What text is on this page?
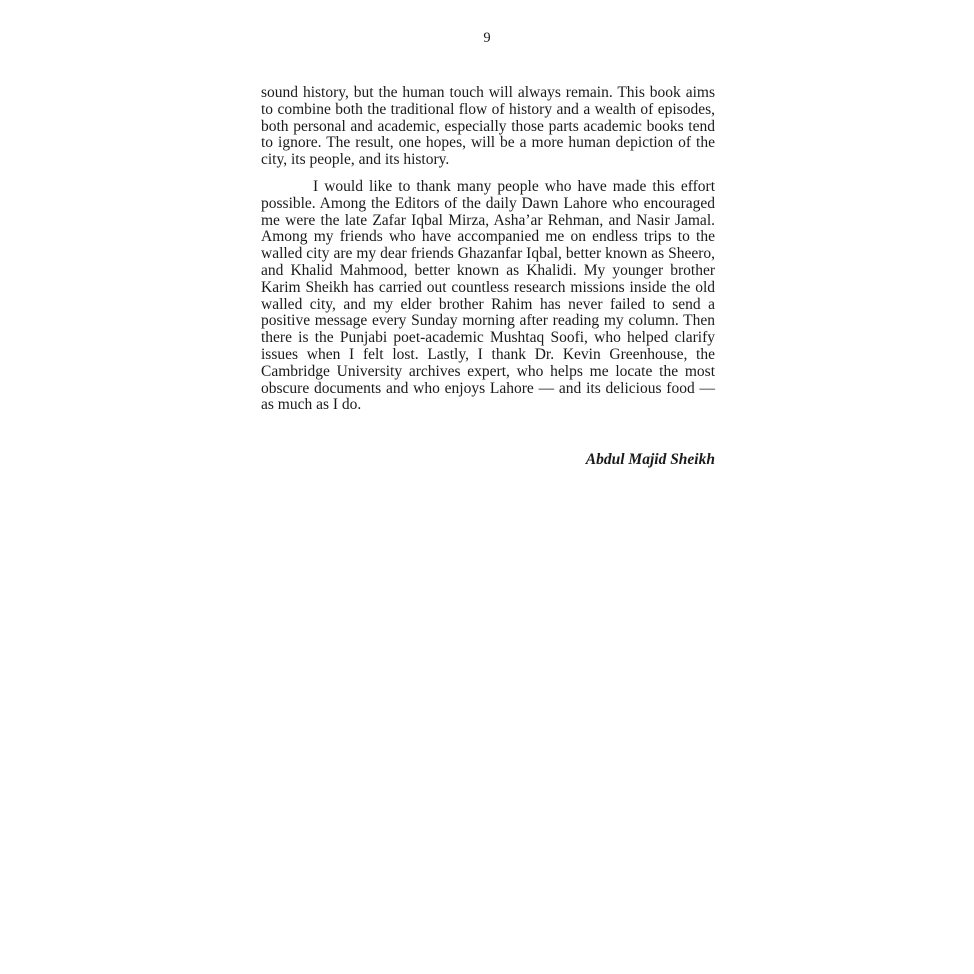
9

sound history, but the human touch will always remain. This book aims to combine both the traditional flow of history and a wealth of episodes, both personal and academic, especially those parts academic books tend to ignore. The result, one hopes, will be a more human depiction of the city, its people, and its history.

I would like to thank many people who have made this effort possible. Among the Editors of the daily Dawn Lahore who encouraged me were the late Zafar Iqbal Mirza, Asha’ar Rehman, and Nasir Jamal. Among my friends who have accompanied me on endless trips to the walled city are my dear friends Ghazanfar Iqbal, better known as Sheero, and Khalid Mahmood, better known as Khalidi. My younger brother Karim Sheikh has carried out countless research missions inside the old walled city, and my elder brother Rahim has never failed to send a positive message every Sunday morning after reading my column. Then there is the Punjabi poet-academic Mushtaq Soofi, who helped clarify issues when I felt lost. Lastly, I thank Dr. Kevin Greenhouse, the Cambridge University archives expert, who helps me locate the most obscure documents and who enjoys Lahore — and its delicious food — as much as I do.

Abdul Majid Sheikh
